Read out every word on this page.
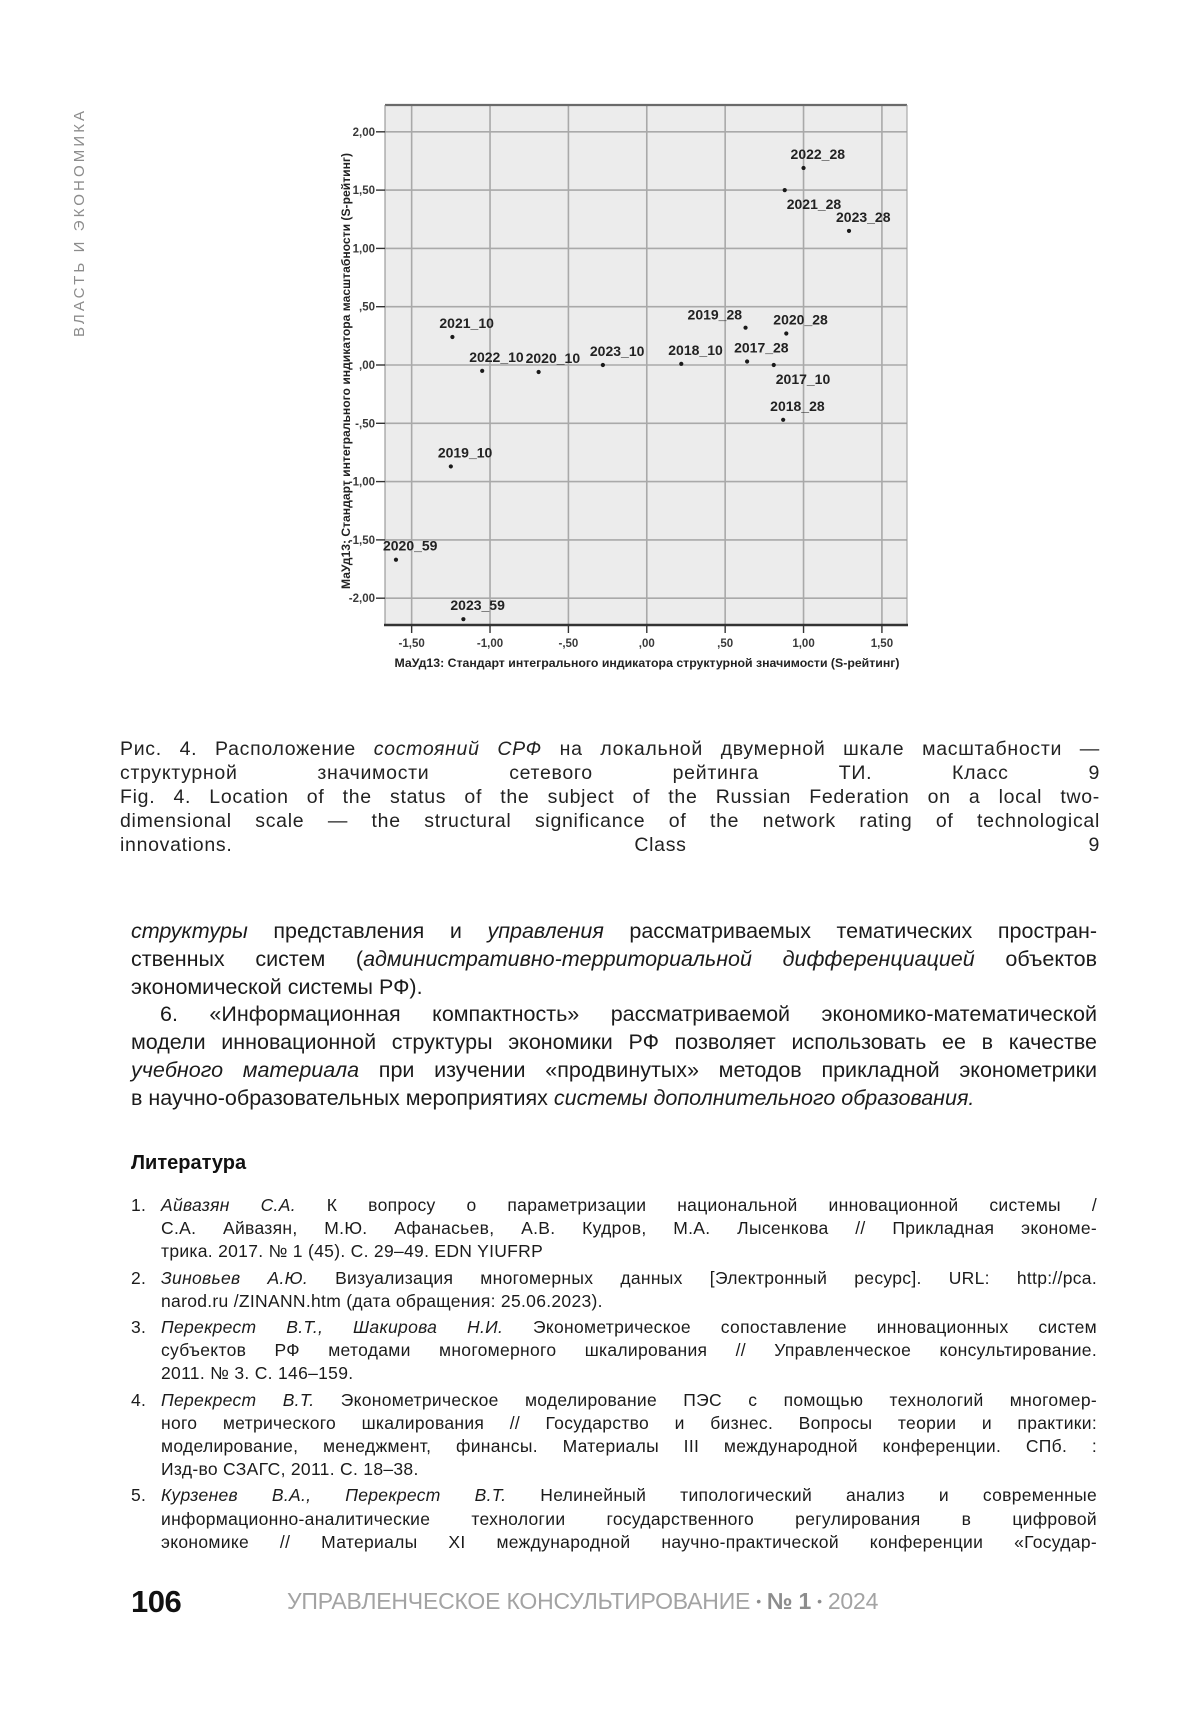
ВЛАСТЬ И ЭКОНОМИКА
-1,50	-1,00	-,50	,00	,50	1,00	1,50
2,00
1,50
1,00
,50
,00
-,50
-1,00
-1,50
-2,00
2022_28
2021_28
2023_28
2021_10
2022_10 2020_10 2023_10 2018_10
2019_28 2020_28
2017_28
2017_10
2018_28
2019_10
2020_59
2023_59
МаУд13: Стандарт интегрального индикатора структурной значимости (S-рейтинг)
МаУд13: Стандарт интегрального индикатора масштабности (S-рейтинг)
Рис. 4. Расположение состояний СРФ на локальной двумерной шкале масштабности —
структурной значимости сетевого рейтинга ТИ. Класс 9
Fig. 4. Location of the status of the subject of the Russian Federation on a local two-
dimensional scale — the structural significance of the network rating of technological
innovations. Class 9
структуры представления и управления рассматриваемых тематических простран-
ственных систем (административно-территориальной дифференциацией объектов
экономической системы РФ).
6. «Информационная компактность» рассматриваемой экономико-математической
модели инновационной структуры экономики РФ позволяет использовать ее в качестве
учебного материала при изучении «продвинутых» методов прикладной эконометрики
в научно-образовательных мероприятиях системы дополнительного образования.
Литература
1. Айвазян С.А. К вопросу о параметризации национальной инновационной системы /
С.А. Айвазян, М.Ю. Афанасьев, А.В. Кудров, М.А. Лысенкова // Прикладная экономе-
трика. 2017. № 1 (45). С. 29–49. EDN YIUFRP
2. Зиновьев А.Ю. Визуализация многомерных данных [Электронный ресурс]. URL: http://pca.
narod.ru /ZINANN.htm (дата обращения: 25.06.2023).
3. Перекрест В.Т., Шакирова Н.И. Эконометрическое сопоставление инновационных систем
субъектов РФ методами многомерного шкалирования // Управленческое консультирование.
2011. № 3. С. 146–159.
4. Перекрест В.Т. Эконометрическое моделирование ПЭС с помощью технологий многомер-
ного метрического шкалирования // Государство и бизнес. Вопросы теории и практики:
моделирование, менеджмент, финансы. Материалы III международной конференции. СПб. :
Изд-во СЗАГС, 2011. С. 18–38.
5. Курзенев В.А., Перекрест В.Т. Нелинейный типологический анализ и современные
информационно-аналитические технологии государственного регулирования в цифровой
экономике // Материалы XI международной научно-практической конференции «Государ-
106	УПРАВЛЕНЧЕСКОЕ КОНСУЛЬТИРОВАНИЕ • № 1 • 2024
